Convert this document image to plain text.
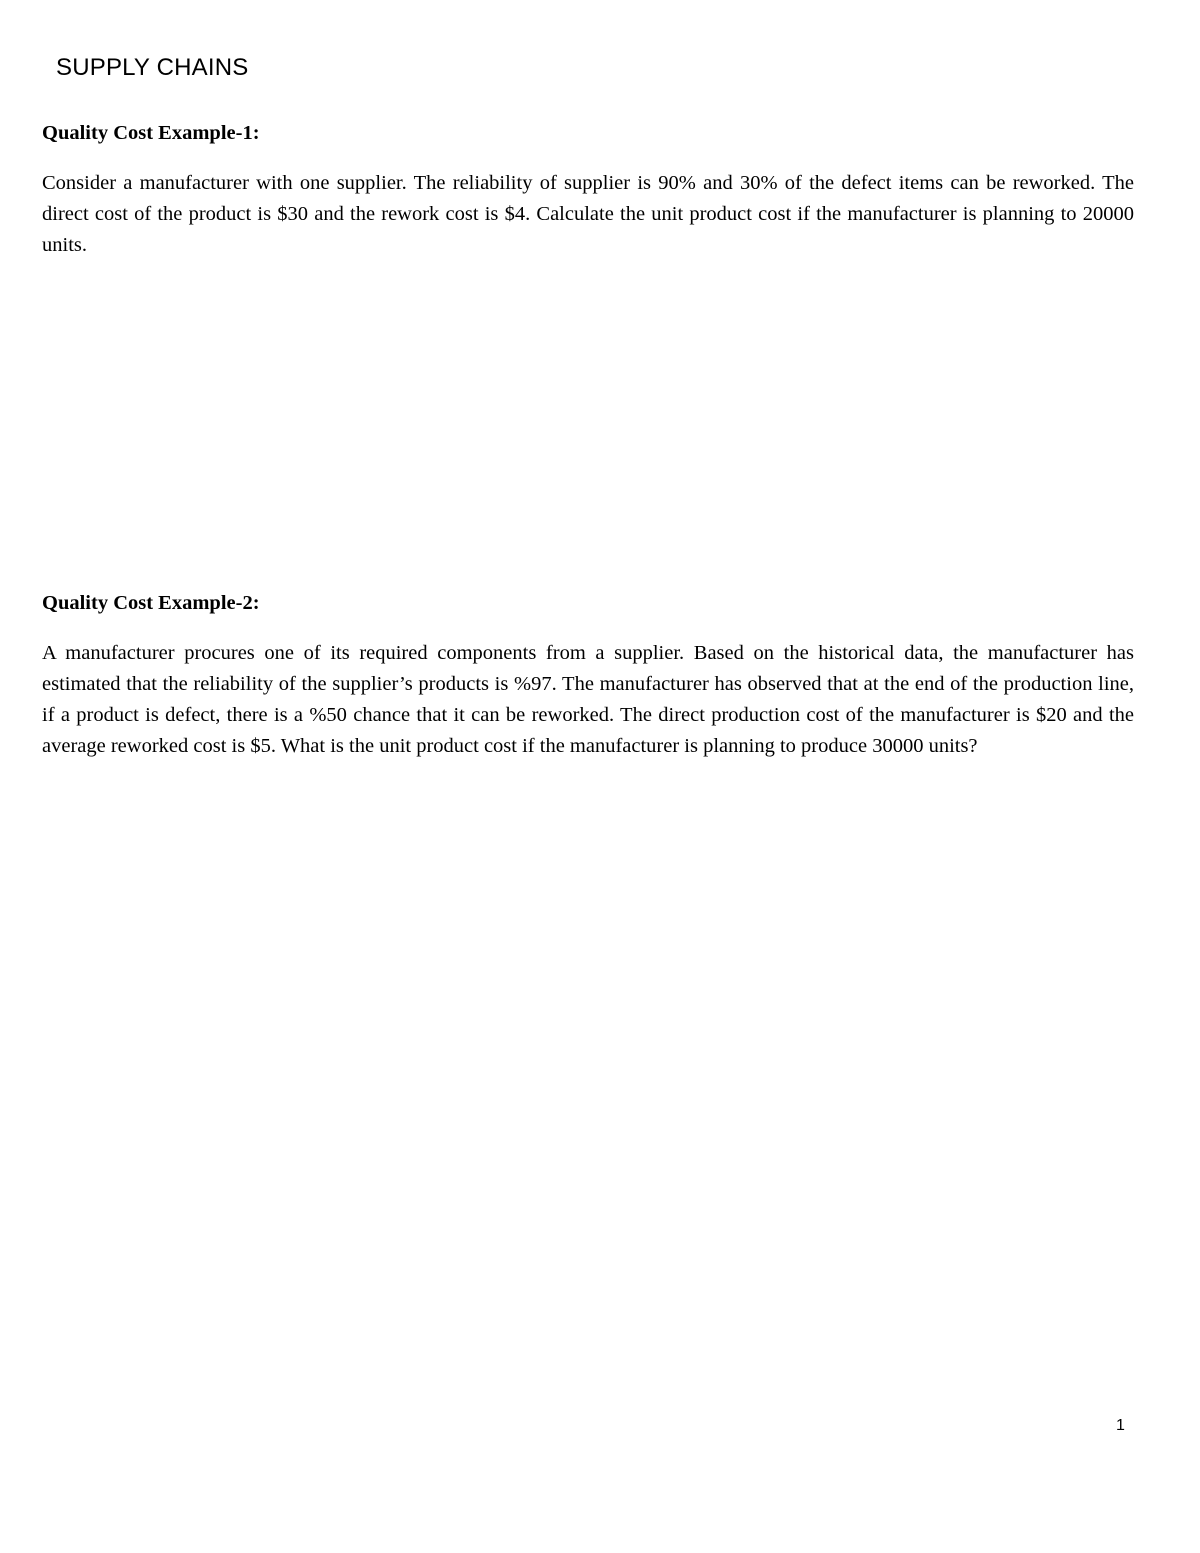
SUPPLY CHAINS
Quality Cost Example-1:

Consider a manufacturer with one supplier. The reliability of supplier is 90% and 30% of the defect items can be reworked. The direct cost of the product is $30 and the rework cost is $4. Calculate the unit product cost if the manufacturer is planning to 20000 units.

Quality Cost Example-2:

A manufacturer procures one of its required components from a supplier. Based on the historical data, the manufacturer has estimated that the reliability of the supplier’s products is %97. The manufacturer has observed that at the end of the production line, if a product is defect, there is a %50 chance that it can be reworked. The direct production cost of the manufacturer is $20 and the average reworked cost is $5. What is the unit product cost if the manufacturer is planning to produce 30000 units?

1
